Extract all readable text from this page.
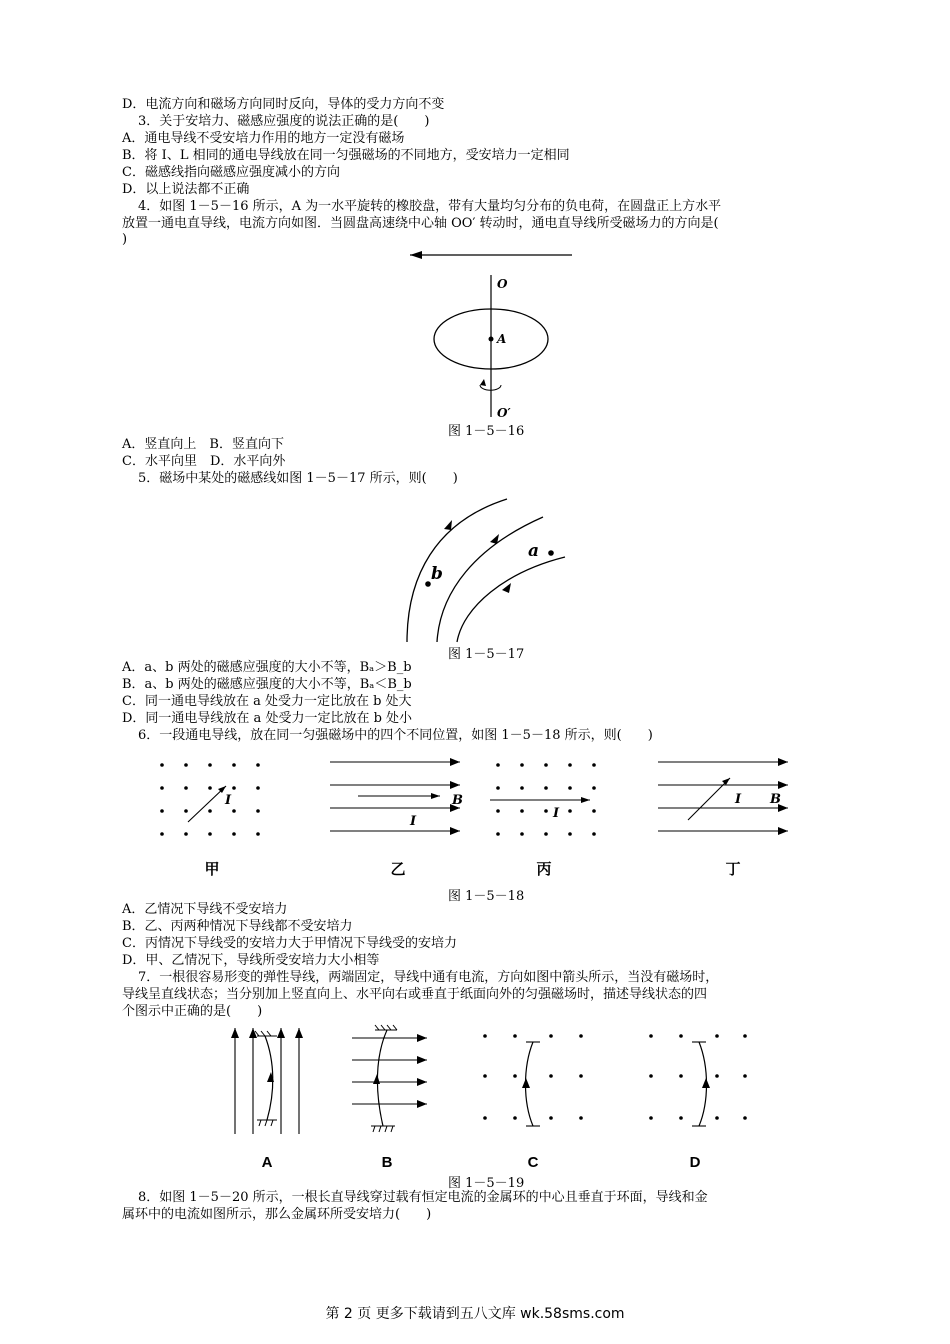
D．电流方向和磁场方向同时反向，导体的受力方向不变
3．关于安培力、磁感应强度的说法正确的是(　　)
A．通电导线不受安培力作用的地方一定没有磁场
B．将 I、L 相同的通电导线放在同一匀强磁场的不同地方，受安培力一定相同
C．磁感线指向磁感应强度减小的方向
D．以上说法都不正确
4．如图 1－5－16 所示，A 为一水平旋转的橡胶盘，带有大量均匀分布的负电荷，在圆盘正上方水平
放置一通电直导线，电流方向如图．当圆盘高速绕中心轴 OO′ 转动时，通电直导线所受磁场力的方向是(
)
O
A
O′
图 1－5－16
A．竖直向上　B．竖直向下
C．水平向里　D．水平向外
5．磁场中某处的磁感线如图 1－5－17 所示，则(　　)
b
a
图 1－5－17
A．a、b 两处的磁感应强度的大小不等，Bₐ＞B_b
B．a、b 两处的磁感应强度的大小不等，Bₐ＜B_b
C．同一通电导线放在 a 处受力一定比放在 b 处大
D．同一通电导线放在 a 处受力一定比放在 b 处小
6．一段通电导线，放在同一匀强磁场中的四个不同位置，如图 1－5－18 所示，则(　　)
I	B
I
I
I B
甲	乙	丙	丁
图 1－5－18
A．乙情况下导线不受安培力
B．乙、丙两种情况下导线都不受安培力
C．丙情况下导线受的安培力大于甲情况下导线受的安培力
D．甲、乙情况下，导线所受安培力大小相等
7．一根很容易形变的弹性导线，两端固定，导线中通有电流，方向如图中箭头所示，当没有磁场时，
导线呈直线状态；当分别加上竖直向上、水平向右或垂直于纸面向外的匀强磁场时，描述导线状态的四
个图示中正确的是(　　)
A	B	C	D
图 1－5－19
8．如图 1－5－20 所示，一根长直导线穿过载有恒定电流的金属环的中心且垂直于环面，导线和金
属环中的电流如图所示，那么金属环所受安培力(　　)
第 2 页 更多下载请到五八文库 wk.58sms.com
